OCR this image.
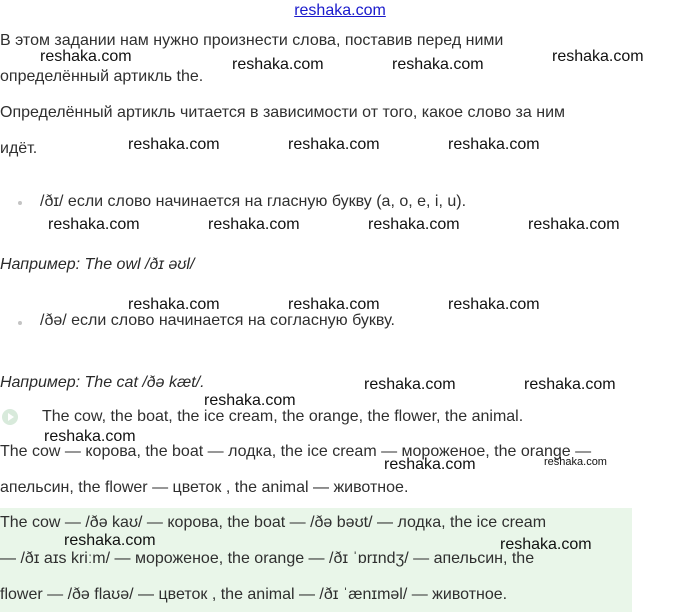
reshaka.com
В этом задании нам нужно произнести слова, поставив перед ними
определённый артикль the.
Определённый артикль читается в зависимости от того, какое слово за ним
идёт.
/ðɪ/ если слово начинается на гласную букву (a, o, e, i, u).
Например: The owl /ðɪ əʊl/
/ðə/ если слово начинается на согласную букву.
Например: The cat /ðə kæt/.
The cow, the boat, the ice cream, the orange, the flower, the animal.
The cow — корова, the boat — лодка, the ice cream — мороженое, the orange —
апельсин, the flower — цветок , the animal — животное.
The cow — /ðə kaʊ/ — корова, the boat — /ðə bəʊt/ — лодка, the ice cream
— /ðɪ aɪs kriːm/ — мороженое, the orange — /ðɪ ˈɒrɪndʒ/ — апельсин, the
flower — /ðə flaʊə/ — цветок , the animal — /ðɪ ˈænɪməl/ — животное.
reshaka.com	reshaka.com	reshaka.com	reshaka.com
reshaka.com	reshaka.com	reshaka.com
reshaka.com	reshaka.com	reshaka.com	reshaka.com
reshaka.com	reshaka.com	reshaka.com
reshaka.com	reshaka.com
reshaka.com
reshaka.com
reshaka.com	reshaka.com
reshaka.com	reshaka.com
